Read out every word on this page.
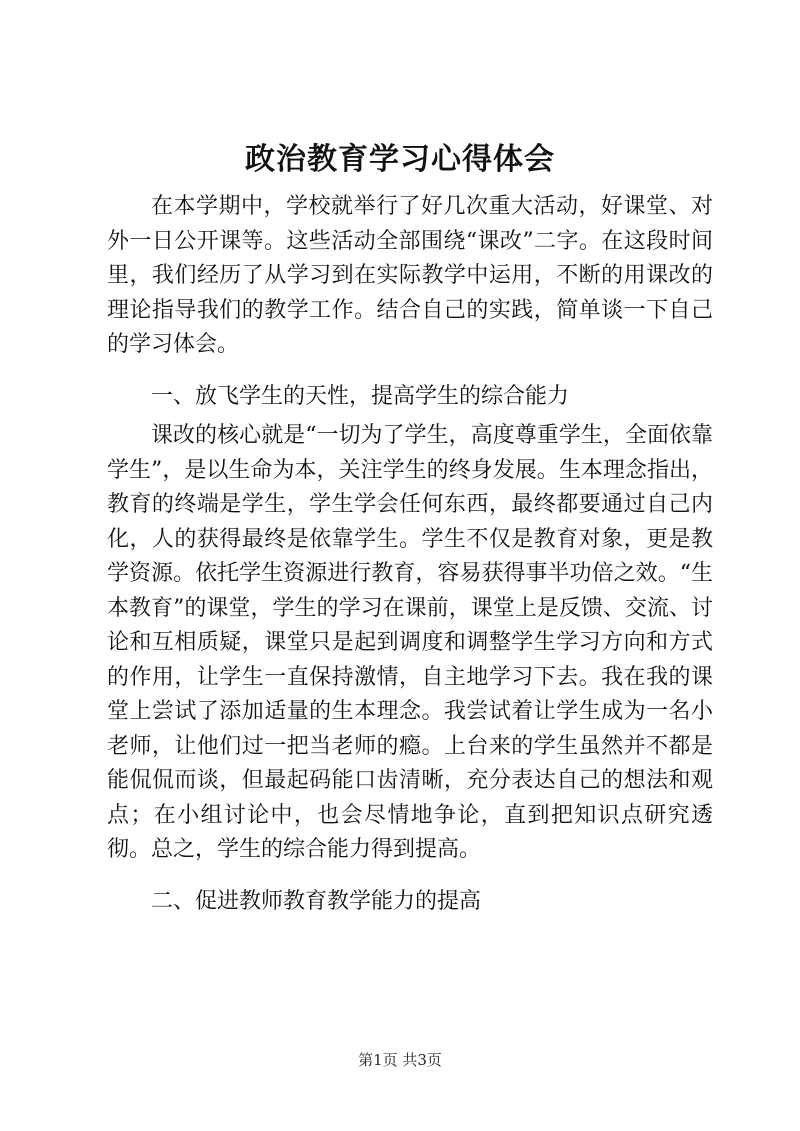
政治教育学习心得体会

在本学期中，学校就举行了好几次重大活动，好课堂、对外一日公开课等。这些活动全部围绕“课改”二字。在这段时间里，我们经历了从学习到在实际教学中运用，不断的用课改的理论指导我们的教学工作。结合自己的实践，简单谈一下自己的学习体会。

一、放飞学生的天性，提高学生的综合能力

课改的核心就是“一切为了学生，高度尊重学生，全面依靠学生”，是以生命为本，关注学生的终身发展。生本理念指出，教育的终端是学生，学生学会任何东西，最终都要通过自己内化，人的获得最终是依靠学生。学生不仅是教育对象，更是教学资源。依托学生资源进行教育，容易获得事半功倍之效。“生本教育”的课堂，学生的学习在课前，课堂上是反馈、交流、讨论和互相质疑，课堂只是起到调度和调整学生学习方向和方式的作用，让学生一直保持激情，自主地学习下去。我在我的课堂上尝试了添加适量的生本理念。我尝试着让学生成为一名小老师，让他们过一把当老师的瘾。上台来的学生虽然并不都是能侃侃而谈，但最起码能口齿清晰，充分表达自己的想法和观点；在小组讨论中，也会尽情地争论，直到把知识点研究透彻。总之，学生的综合能力得到提高。

二、促进教师教育教学能力的提高

第1页 共3页
